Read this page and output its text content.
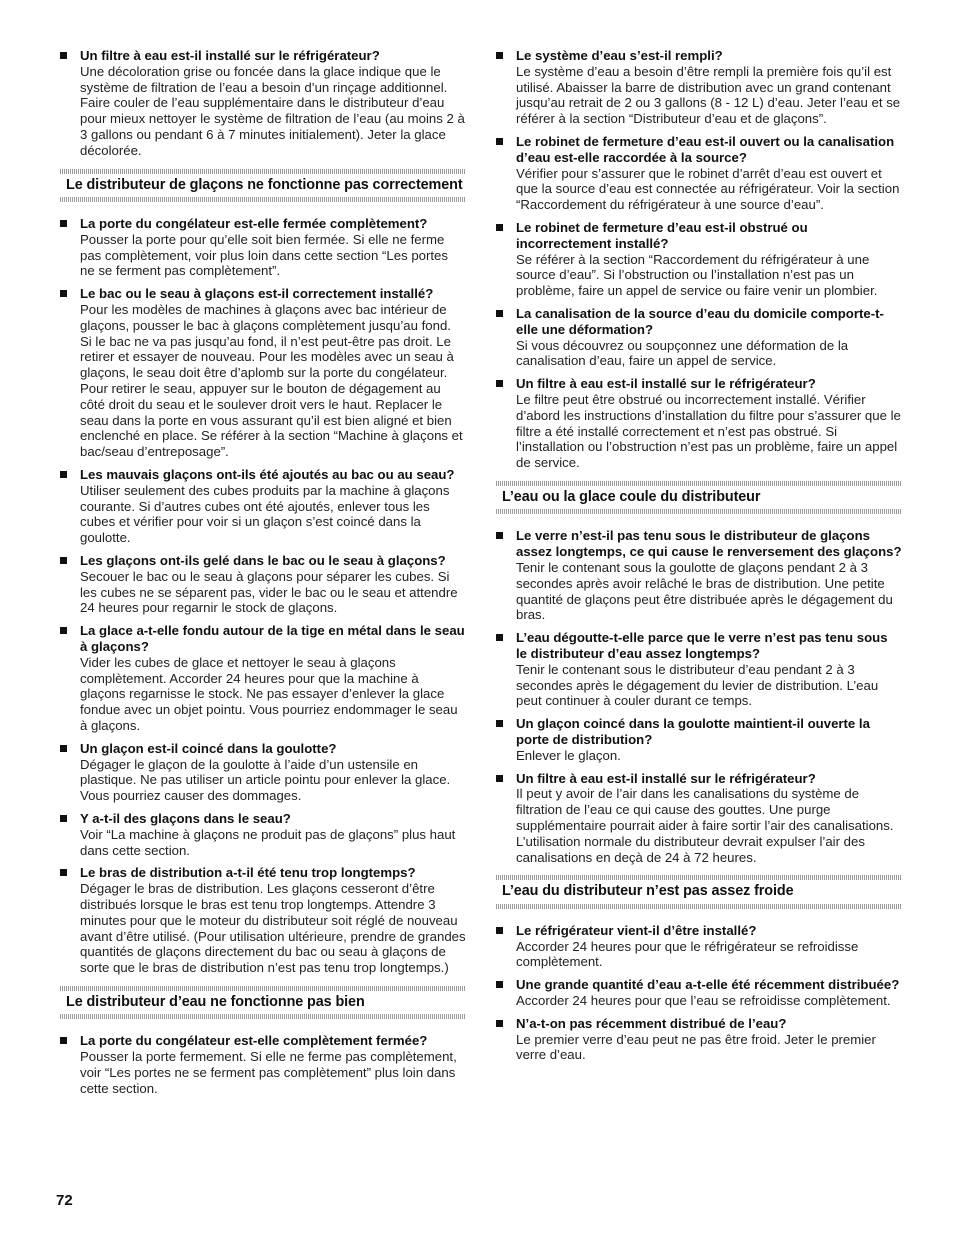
Un filtre à eau est-il installé sur le réfrigérateur?
Une décoloration grise ou foncée dans la glace indique que le système de filtration de l’eau a besoin d’un rinçage additionnel. Faire couler de l’eau supplémentaire dans le distributeur d’eau pour mieux nettoyer le système de filtration de l’eau (au moins 2 à 3 gallons ou pendant 6 à 7 minutes initialement). Jeter la glace décolorée.
Le distributeur de glaçons ne fonctionne pas correctement
La porte du congélateur est-elle fermée complètement?
Pousser la porte pour qu’elle soit bien fermée. Si elle ne ferme pas complètement, voir plus loin dans cette section “Les portes ne se ferment pas complètement”.
Le bac ou le seau à glaçons est-il correctement installé?
Pour les modèles de machines à glaçons avec bac intérieur de glaçons, pousser le bac à glaçons complètement jusqu’au fond. Si le bac ne va pas jusqu’au fond, il n’est peut-être pas droit. Le retirer et essayer de nouveau. Pour les modèles avec un seau à glaçons, le seau doit être d’aplomb sur la porte du congélateur. Pour retirer le seau, appuyer sur le bouton de dégagement au côté droit du seau et le soulever droit vers le haut. Replacer le seau dans la porte en vous assurant qu’il est bien aligné et bien enclenché en place. Se référer à la section “Machine à glaçons et bac/seau d’entreposage”.
Les mauvais glaçons ont-ils été ajoutés au bac ou au seau?
Utiliser seulement des cubes produits par la machine à glaçons courante. Si d’autres cubes ont été ajoutés, enlever tous les cubes et vérifier pour voir si un glaçon s’est coincé dans la goulotte.
Les glaçons ont-ils gelé dans le bac ou le seau à glaçons?
Secouer le bac ou le seau à glaçons pour séparer les cubes. Si les cubes ne se séparent pas, vider le bac ou le seau et attendre 24 heures pour regarnir le stock de glaçons.
La glace a-t-elle fondu autour de la tige en métal dans le seau à glaçons?
Vider les cubes de glace et nettoyer le seau à glaçons complètement. Accorder 24 heures pour que la machine à glaçons regarnisse le stock. Ne pas essayer d’enlever la glace fondue avec un objet pointu. Vous pourriez endommager le seau à glaçons.
Un glaçon est-il coincé dans la goulotte?
Dégager le glaçon de la goulotte à l’aide d’un ustensile en plastique. Ne pas utiliser un article pointu pour enlever la glace. Vous pourriez causer des dommages.
Y a-t-il des glaçons dans le seau?
Voir “La machine à glaçons ne produit pas de glaçons” plus haut dans cette section.
Le bras de distribution a-t-il été tenu trop longtemps?
Dégager le bras de distribution. Les glaçons cesseront d’être distribués lorsque le bras est tenu trop longtemps. Attendre 3 minutes pour que le moteur du distributeur soit réglé de nouveau avant d’être utilisé. (Pour utilisation ultérieure, prendre de grandes quantités de glaçons directement du bac ou seau à glaçons de sorte que le bras de distribution n’est pas tenu trop longtemps.)
Le distributeur d’eau ne fonctionne pas bien
La porte du congélateur est-elle complètement fermée?
Pousser la porte fermement. Si elle ne ferme pas complètement, voir “Les portes ne se ferment pas complètement” plus loin dans cette section.
Le système d’eau s’est-il rempli?
Le système d’eau a besoin d’être rempli la première fois qu’il est utilisé. Abaisser la barre de distribution avec un grand contenant jusqu’au retrait de 2 ou 3 gallons (8 - 12 L) d’eau. Jeter l’eau et se référer à la section “Distributeur d’eau et de glaçons”.
Le robinet de fermeture d’eau est-il ouvert ou la canalisation d’eau est-elle raccordée à la source?
Vérifier pour s’assurer que le robinet d’arrêt d’eau est ouvert et que la source d’eau est connectée au réfrigérateur. Voir la section “Raccordement du réfrigérateur à une source d’eau”.
Le robinet de fermeture d’eau est-il obstrué ou incorrectement installé?
Se référer à la section “Raccordement du réfrigérateur à une source d’eau”. Si l’obstruction ou l’installation n’est pas un problème, faire un appel de service ou faire venir un plombier.
La canalisation de la source d’eau du domicile comporte-t-elle une déformation?
Si vous découvrez ou soupçonnez une déformation de la canalisation d’eau, faire un appel de service.
Un filtre à eau est-il installé sur le réfrigérateur?
Le filtre peut être obstrué ou incorrectement installé. Vérifier d’abord les instructions d’installation du filtre pour s’assurer que le filtre a été installé correctement et n’est pas obstrué. Si l’installation ou l’obstruction n’est pas un problème, faire un appel de service.
L’eau ou la glace coule du distributeur
Le verre n’est-il pas tenu sous le distributeur de glaçons assez longtemps, ce qui cause le renversement des glaçons?
Tenir le contenant sous la goulotte de glaçons pendant 2 à 3 secondes après avoir relâché le bras de distribution. Une petite quantité de glaçons peut être distribuée après le dégagement du bras.
L’eau dégoutte-t-elle parce que le verre n’est pas tenu sous le distributeur d’eau assez longtemps?
Tenir le contenant sous le distributeur d’eau pendant 2 à 3 secondes après le dégagement du levier de distribution. L’eau peut continuer à couler durant ce temps.
Un glaçon coincé dans la goulotte maintient-il ouverte la porte de distribution?
Enlever le glaçon.
Un filtre à eau est-il installé sur le réfrigérateur?
Il peut y avoir de l’air dans les canalisations du système de filtration de l’eau ce qui cause des gouttes. Une purge supplémentaire pourrait aider à faire sortir l’air des canalisations. L’utilisation normale du distributeur devrait expulser l’air des canalisations en deçà de 24 à 72 heures.
L’eau du distributeur n’est pas assez froide
Le réfrigérateur vient-il d’être installé?
Accorder 24 heures pour que le réfrigérateur se refroidisse complètement.
Une grande quantité d’eau a-t-elle été récemment distribuée?
Accorder 24 heures pour que l’eau se refroidisse complètement.
N’a-t-on pas récemment distribué de l’eau?
Le premier verre d’eau peut ne pas être froid. Jeter le premier verre d’eau.
72
